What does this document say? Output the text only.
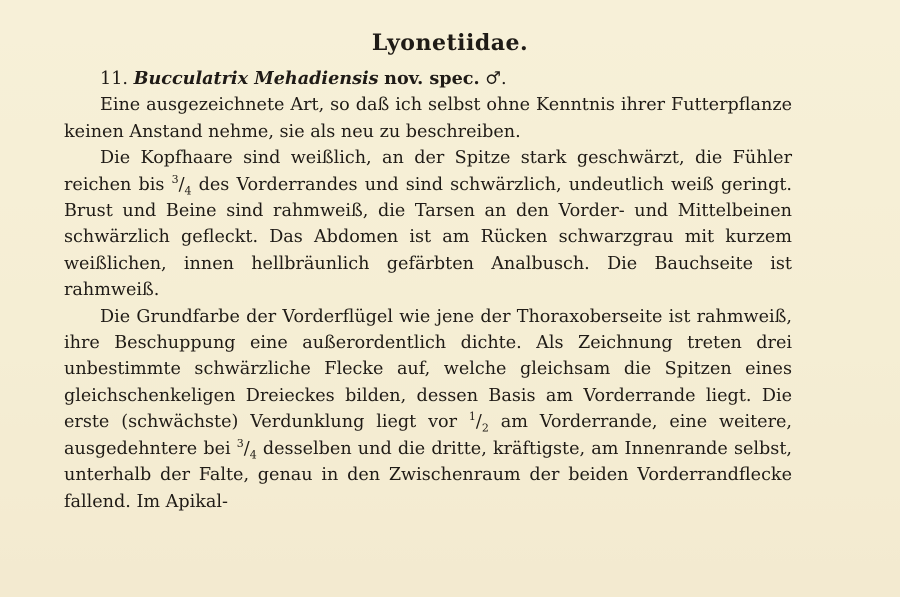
Lyonetiidae.

11. Bucculatrix Mehadiensis nov. spec. ♂.

Eine ausgezeichnete Art, so daß ich selbst ohne Kenntnis ihrer Futterpflanze keinen Anstand nehme, sie als neu zu beschreiben.

Die Kopfhaare sind weißlich, an der Spitze stark geschwärzt, die Fühler reichen bis $^3/_4$ des Vorderrandes und sind schwärzlich, undeutlich weiß geringt. Brust und Beine sind rahmweiß, die Tarsen an den Vorder- und Mittelbeinen schwärzlich gefleckt. Das Abdomen ist am Rücken schwarzgrau mit kurzem weißlichen, innen hellbräunlich gefärbten Analbusch. Die Bauchseite ist rahmweiß.

Die Grundfarbe der Vorderflügel wie jene der Thoraxoberseite ist rahmweiß, ihre Beschuppung eine außerordentlich dichte. Als Zeichnung treten drei unbestimmte schwärzliche Flecke auf, welche gleichsam die Spitzen eines gleichschenkeligen Dreieckes bilden, dessen Basis am Vorderrande liegt. Die erste (schwächste) Verdunklung liegt vor $^1/_2$ am Vorderrande, eine weitere, ausgedehntere bei $^3/_4$ desselben und die dritte, kräftigste, am Innenrande selbst, unterhalb der Falte, genau in den Zwischenraum der beiden Vorderrandflecke fallend. Im Apikal-
